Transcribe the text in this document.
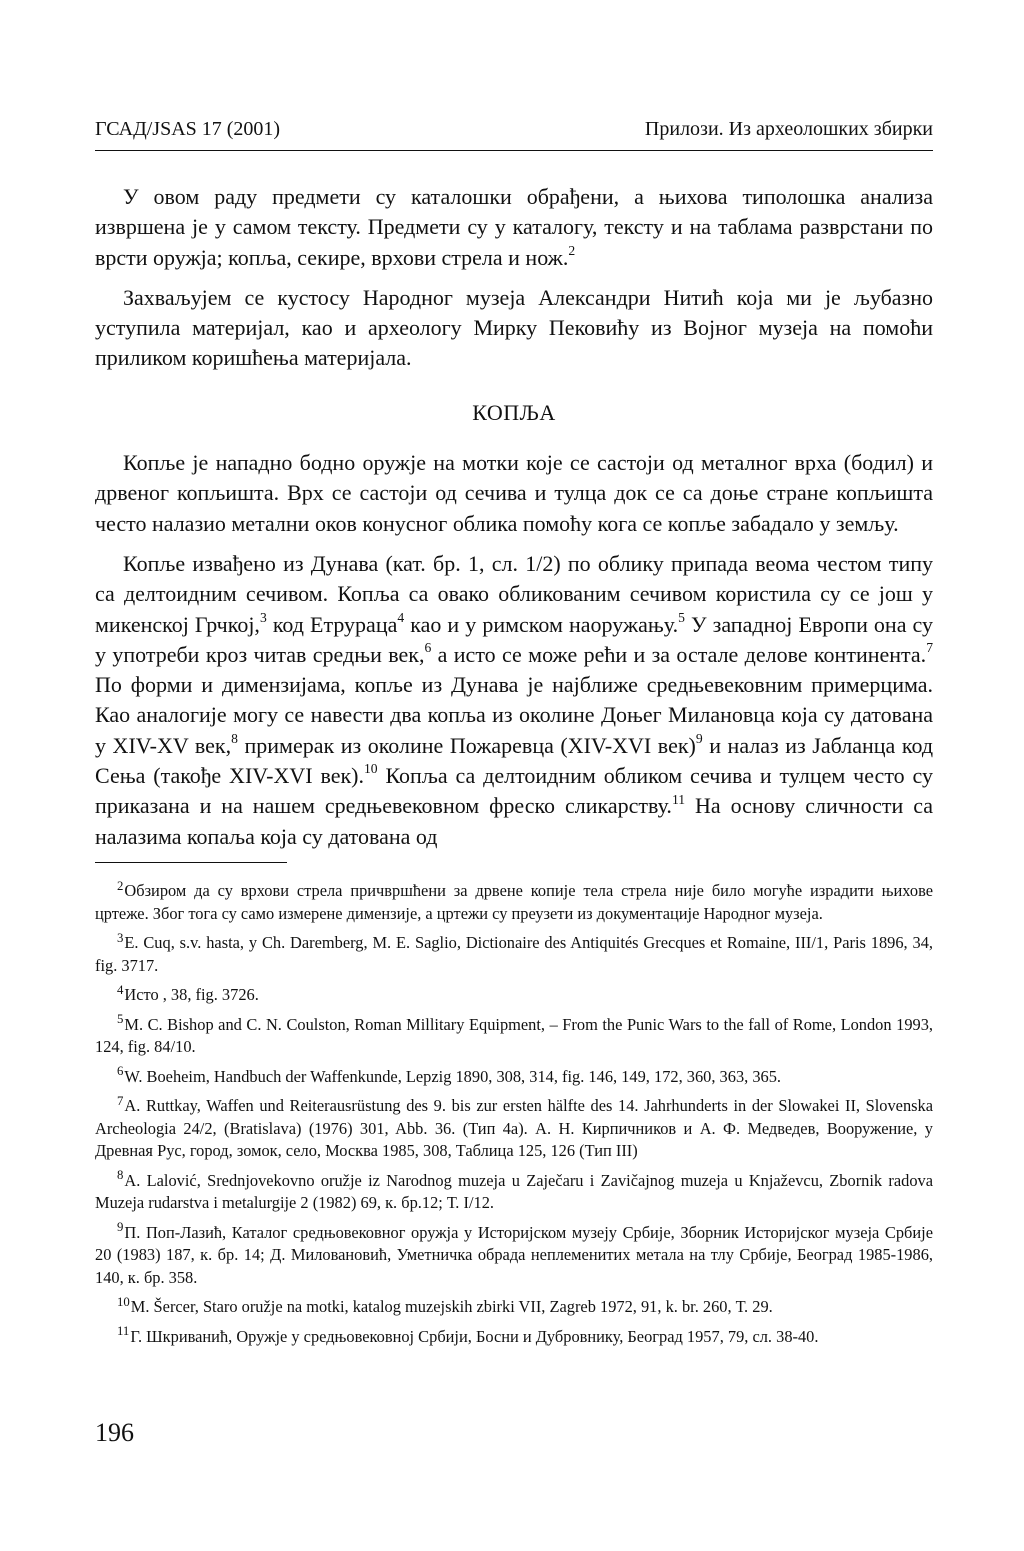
ГСАД/JSAS 17 (2001)	Прилози. Из археолошких збирки

У овом раду предмети су каталошки обрађени, а њихова типолошка анализа извршена је у самом тексту. Предмети су у каталогу, тексту и на таблама разврстани по врсти оружја; копља, секире, врхови стрела и нож.$^2$

Захваљујем се кустосу Народног музеја Александри Нитић која ми је љубазно уступила материјал, као и археологу Мирку Пековићу из Војног музеја на помоћи приликом коришћења материјала.

КОПЉА

Копље је нападно бодно оружје на мотки које се састоји од металног врха (бодил) и дрвеног копљишта. Врх се састоји од сечива и тулца док се са доње стране копљишта често налазио метални оков конусног облика помоћу кога се копље забадало у земљу.

Копље извађено из Дунава (кат. бр. 1, сл. 1/2) по облику припада веома честом типу са делтоидним сечивом. Копља са овако обликованим сечивом користила су се још у микенској Грчкој,$^3$ код Етрураца$^4$ као и у римском наоружању.$^5$ У западној Европи она су у употреби кроз читав средњи век,$^6$ а исто се може рећи и за остале делове континента.$^7$ По форми и димензијама, копље из Дунава је најближе средњевековним примерцима. Као аналогије могу се навести два копља из околине Доњег Милановца која су датована у XIV-XV век,$^8$ примерак из околине Пожаревца (XIV-XVI век)$^9$ и налаз из Јабланца код Сења (такође XIV-XVI век).$^{10}$ Копља са делтоидним обликом сечива и тулцем често су приказана и на нашем средњевековном фреско сликарству.$^{11}$ На основу сличности са налазима копаља која су датована од

$^2$Обзиром да су врхови стрела причвршћени за дрвене копије тела стрела није било могуће израдити њихове цртеже. Због тога су само измерене димензије, а цртежи су преузети из документације Народног музеја.

$^3$E. Cuq, s.v. hasta, у Ch. Daremberg, M. E. Saglio, Dictionaire des Antiquités Grecques et Romaine, III/1, Paris 1896, 34, fig. 3717.

$^4$Исто , 38, fig. 3726.

$^5$M. C. Bishop and C. N. Coulston, Roman Millitary Equipment, – From the Punic Wars to the fall of Rome, London 1993, 124, fig. 84/10.

$^6$W. Boeheim, Handbuch der Waffenkunde, Lepzig 1890, 308, 314, fig. 146, 149, 172, 360, 363, 365.

$^7$A. Ruttkay, Waffen und Reiterausrüstung des 9. bis zur ersten hälfte des 14. Jahrhunderts in der Slowakei II, Slovenska Archeologia 24/2, (Bratislava) (1976) 301, Abb. 36. (Тип 4a). А. Н. Кирпичников и А. Ф. Медведев, Вооружение, у Древная Рус, город, зомок, село, Москва 1985, 308, Таблица 125, 126 (Тип III)

$^8$A. Lalović, Srednjovekovno oružje iz Narodnog muzeja u Zaječaru i Zavičajnog muzeja u Knjaževcu, Zbornik radova Muzeja rudarstva i metalurgije 2 (1982) 69, к. бр.12; Т. I/12.

$^9$П. Поп-Лазић, Каталог средњовековног оружја у Историјском музеју Србије, Зборник Историјског музеја Србије 20 (1983) 187, к. бр. 14; Д. Миловановић, Уметничка обрада неплеменитих метала на тлу Србије, Београд 1985-1986, 140, к. бр. 358.

$^{10}$M. Šercer, Staro oružje na motki, katalog muzejskih zbirki VII, Zagreb 1972, 91, k. br. 260, Т. 29.

$^{11}$Г. Шкриванић, Оружје у средњовековној Србији, Босни и Дубровнику, Београд 1957, 79, сл. 38-40.

196
